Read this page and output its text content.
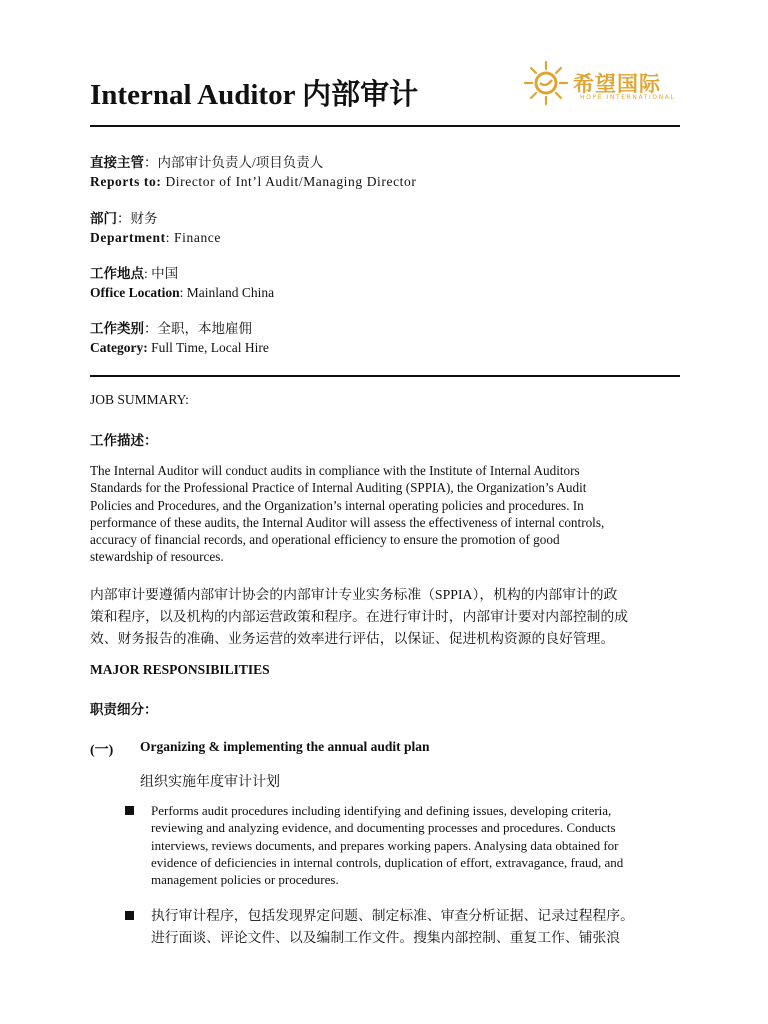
Internal Auditor 内部审计	希望国际
HOPE INTERNATIONAL
直接主管：内部审计负责人/项目负责人
Reports to: Director of Int’l Audit/Managing Director
部门：财务
Department: Finance
工作地点: 中国
Office Location: Mainland China
工作类别：全职，本地雇佣
Category: Full Time, Local Hire
JOB SUMMARY:
工作描述：

The Internal Auditor will conduct audits in compliance with the Institute of Internal Auditors
Standards for the Professional Practice of Internal Auditing (SPPIA), the Organization’s Audit
Policies and Procedures, and the Organization’s internal operating policies and procedures. In
performance of these audits, the Internal Auditor will assess the effectiveness of internal controls,
accuracy of financial records, and operational efficiency to ensure the promotion of good
stewardship of resources.

内部审计要遵循内部审计协会的内部审计专业实务标准（SPPIA），机构的内部审计的政
策和程序，以及机构的内部运营政策和程序。在进行审计时，内部审计要对内部控制的成
效、财务报告的准确、业务运营的效率进行评估，以保证、促进机构资源的良好管理。

MAJOR RESPONSIBILITIES
职责细分：
(一) Organizing & implementing the annual audit plan
组织实施年度审计计划

Performs audit procedures including identifying and defining issues, developing criteria,
reviewing and analyzing evidence, and documenting processes and procedures. Conducts
interviews, reviews documents, and prepares working papers. Analysing data obtained for
evidence of deficiencies in internal controls, duplication of effort, extravagance, fraud, and
management policies or procedures.

执行审计程序，包括发现界定问题、制定标准、审查分析证据、记录过程程序。
进行面谈、评论文件、以及编制工作文件。搜集内部控制、重复工作、铺张浪
